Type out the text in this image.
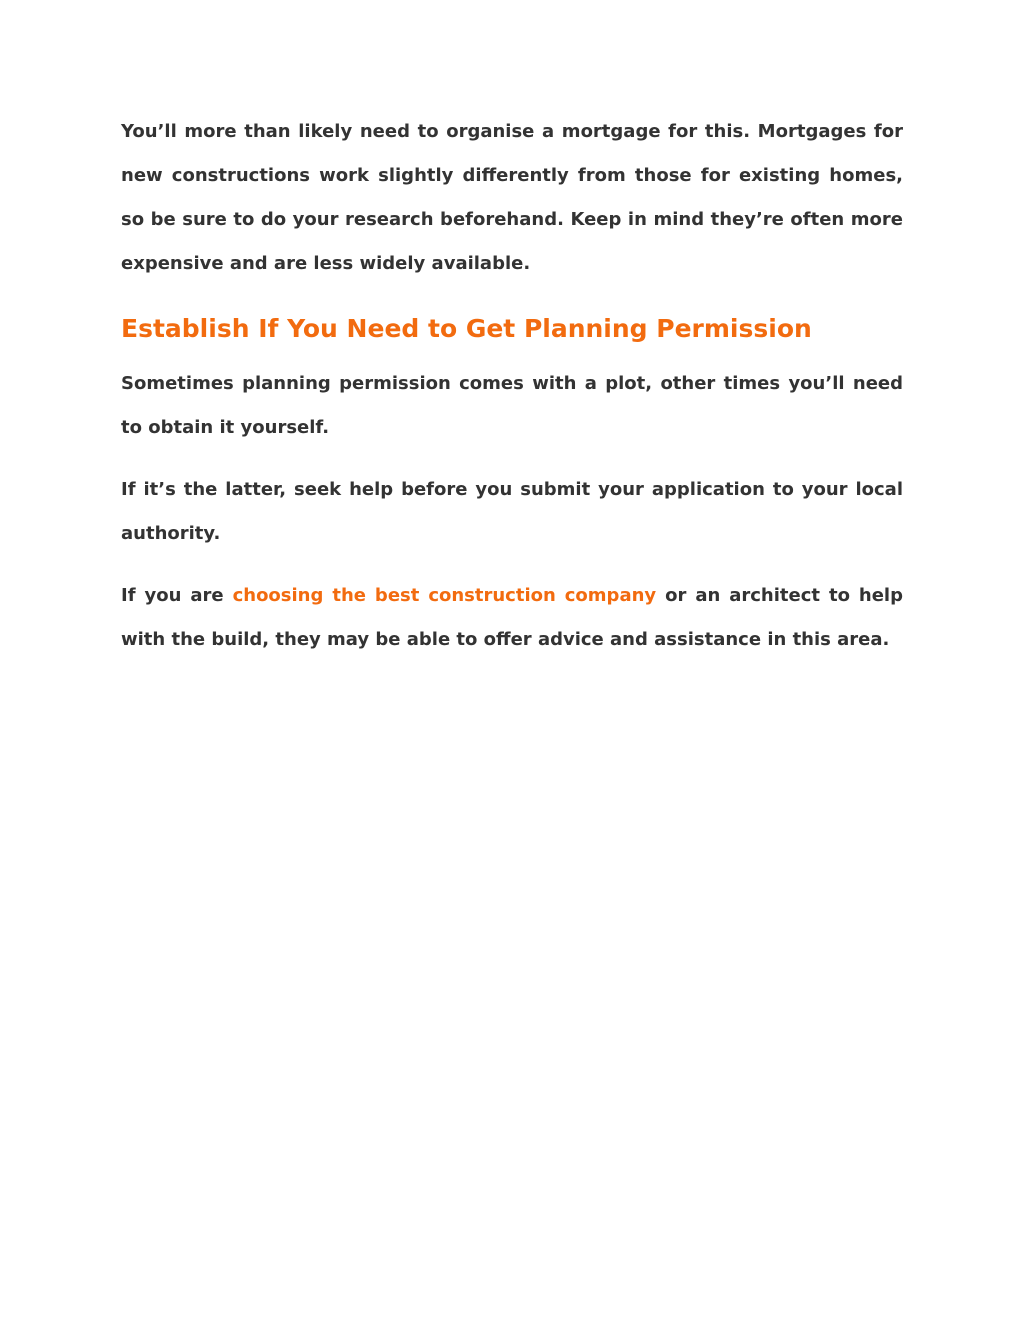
You’ll more than likely need to organise a mortgage for this. Mortgages for new constructions work slightly differently from those for existing homes, so be sure to do your research beforehand. Keep in mind they’re often more expensive and are less widely available.

Establish If You Need to Get Planning Permission

Sometimes planning permission comes with a plot, other times you’ll need to obtain it yourself.

If it’s the latter, seek help before you submit your application to your local authority.

If you are choosing the best construction company or an architect to help with the build, they may be able to offer advice and assistance in this area.
